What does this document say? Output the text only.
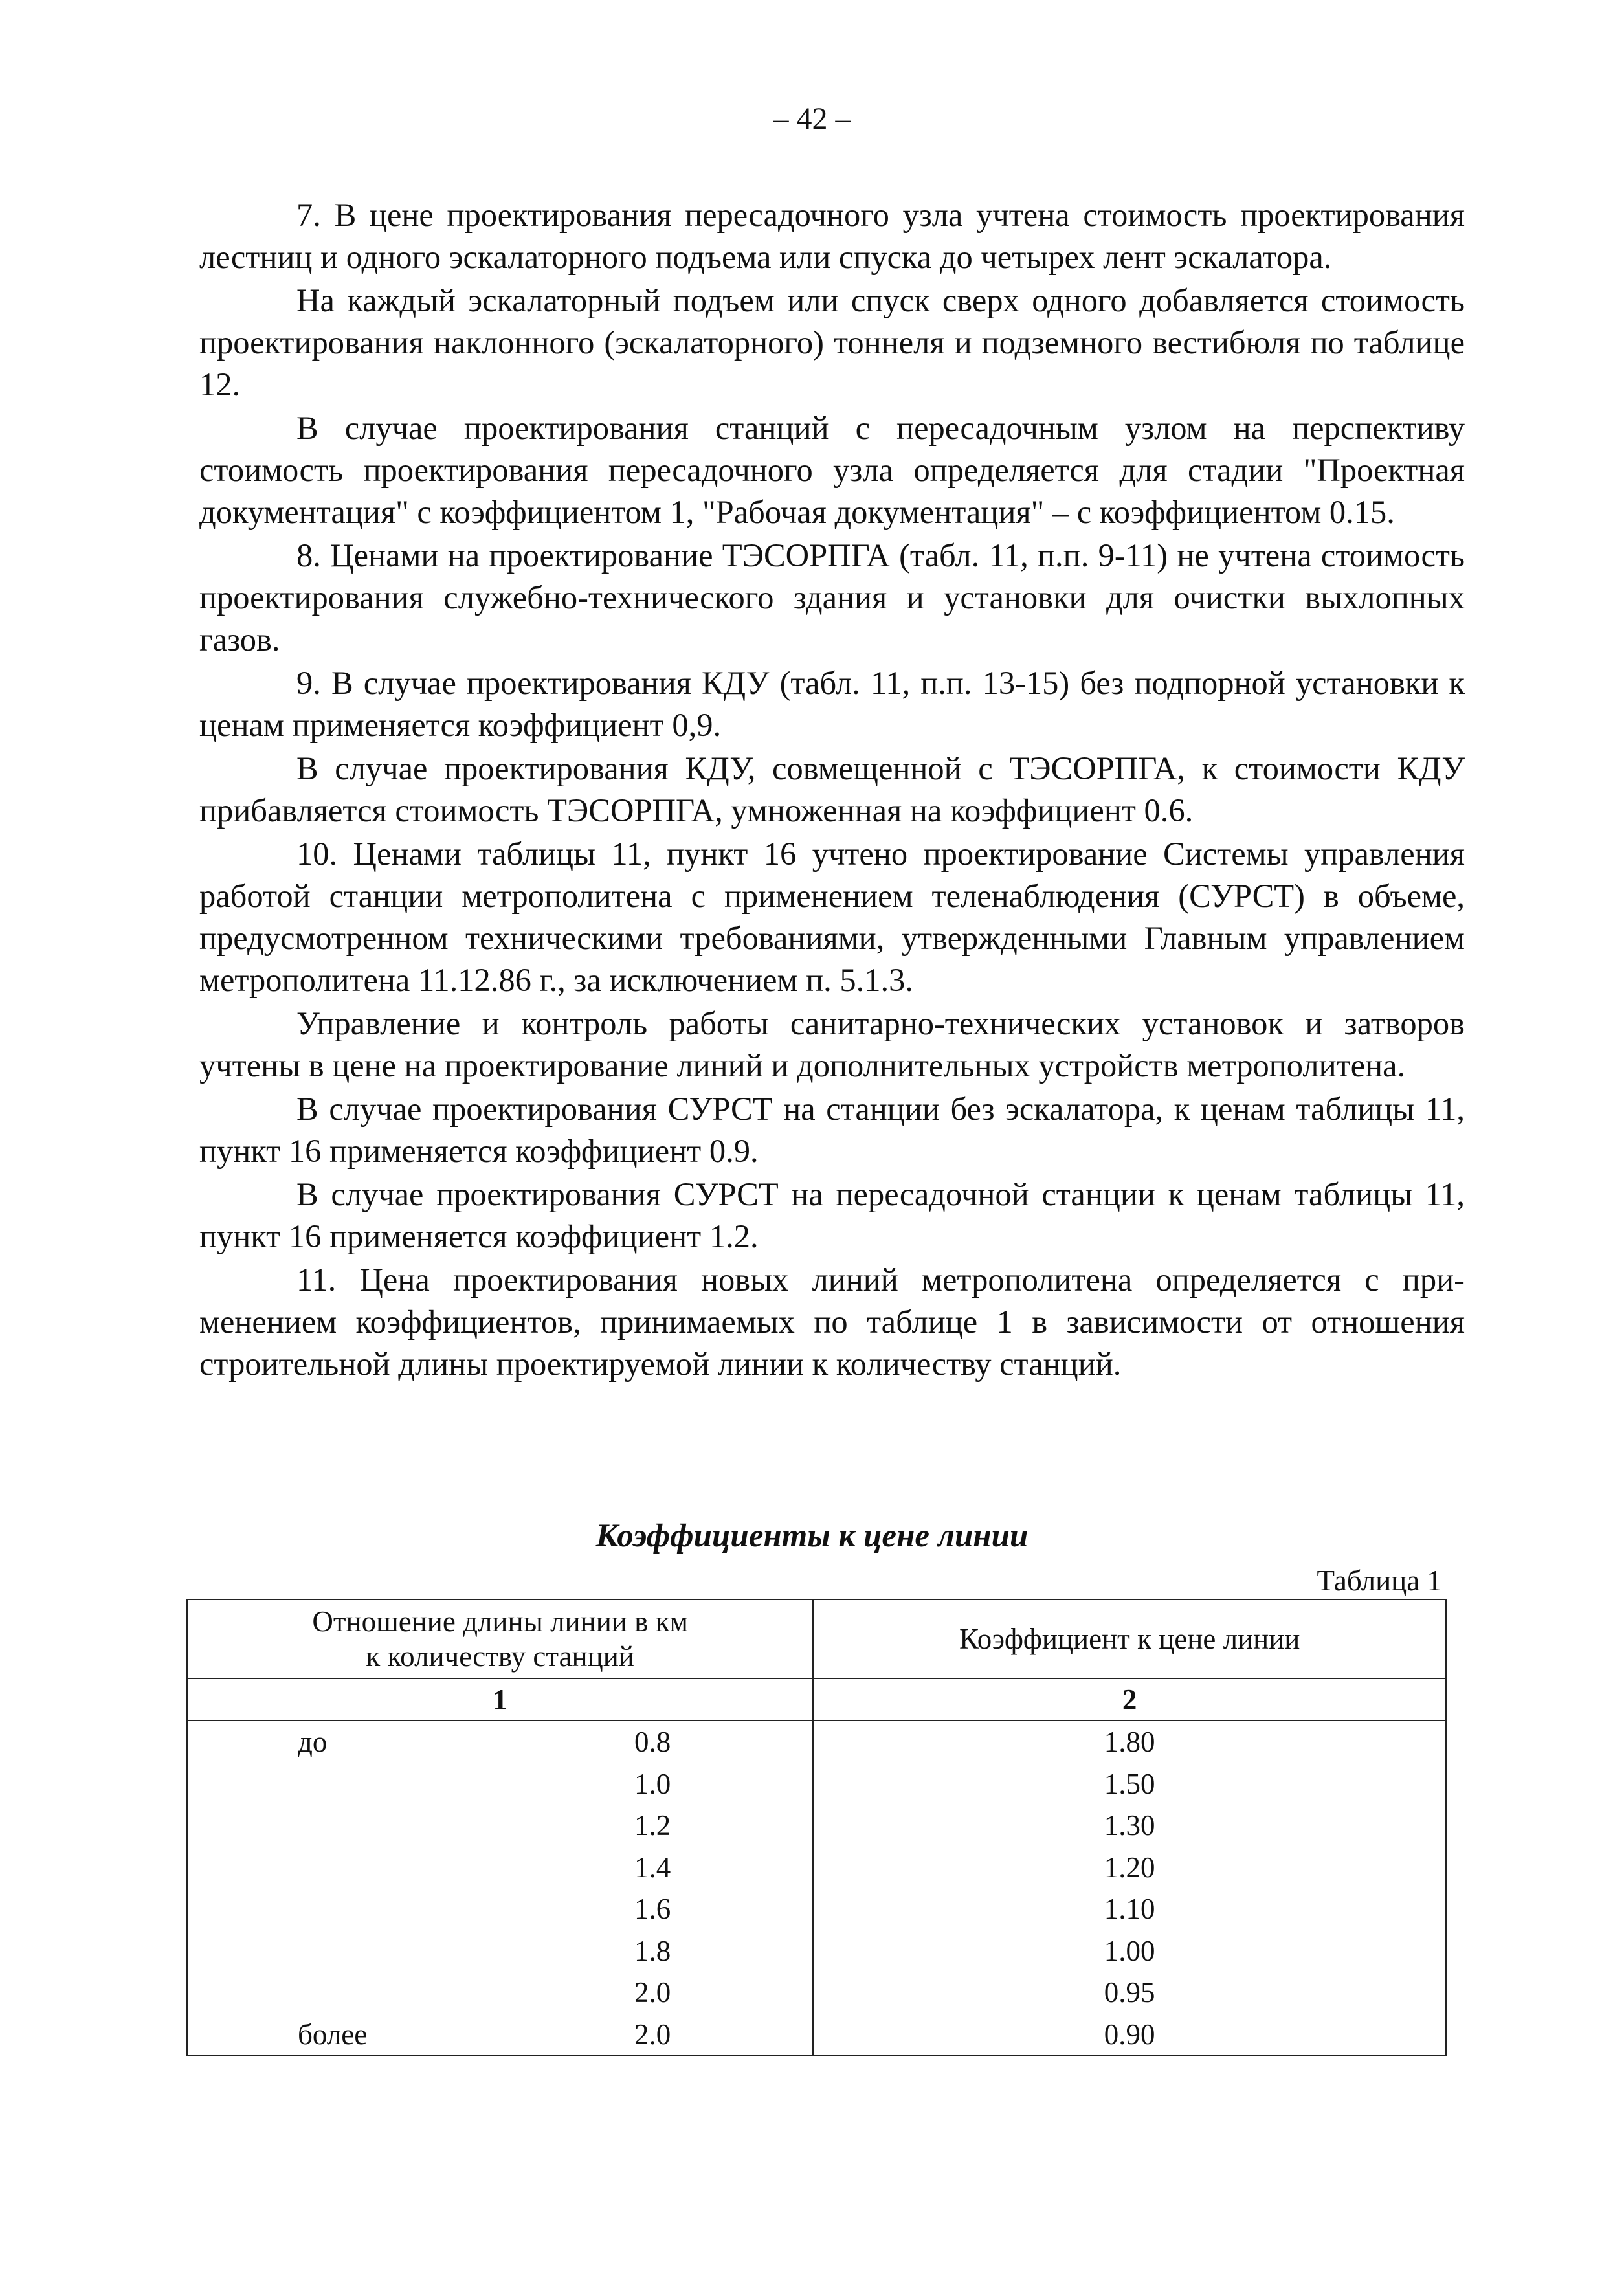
– 42 –

7. В цене проектирования пересадочного узла учтена стоимость проектирования лестниц и одного эскалаторного подъема или спуска до четырех лент эскалатора.

На каждый эскалаторный подъем или спуск сверх одного добавляется стоимость проектирования наклонного (эскалаторного) тоннеля и подземного вестибюля по таблице 12.

В случае проектирования станций с пересадочным узлом на перспективу стоимость проектирования пересадочного узла определяется для стадии "Проектная документация" с коэффициентом 1, "Рабочая документация" – с коэффициентом 0.15.

8. Ценами на проектирование ТЭСОРПГА (табл. 11, п.п. 9-11) не учтена стоимость проектирования служебно-технического здания и установки для очистки выхлопных газов.

9. В случае проектирования КДУ (табл. 11, п.п. 13-15) без подпорной установки к ценам применяется коэффициент 0,9.

В случае проектирования КДУ, совмещенной с ТЭСОРПГА, к стоимости КДУ прибавляется стоимость ТЭСОРПГА, умноженная на коэффициент 0.6.

10. Ценами таблицы 11, пункт 16 учтено проектирование Системы управления работой станции метрополитена с применением теленаблюдения (СУРСТ) в объеме, предусмотренном техническими требованиями, утвержденными Главным управлением метрополитена 11.12.86 г., за исключением п. 5.1.3.

Управление и контроль работы санитарно-технических установок и затворов учтены в цене на проектирование линий и дополнительных устройств метрополитена.

В случае проектирования СУРСТ на станции без эскалатора, к ценам таблицы 11, пункт 16 применяется коэффициент 0.9.

В случае проектирования СУРСТ на пересадочной станции к ценам таблицы 11, пункт 16 применяется коэффициент 1.2.

11. Цена проектирования новых линий метрополитена определяется с применением коэффициентов, принимаемых по таблице 1 в зависимости от отношения строительной длины проектируемой линии к количеству станций.

Коэффициенты к цене линии
Таблица 1
Отношение длины линии в км к количеству станций	Коэффициент к цене линии
1	2

до 0.8	1.80

1.0	1.50

1.2	1.30

1.4	1.20

1.6	1.10

1.8	1.00

2.0	0.95

более 2.0	0.90
